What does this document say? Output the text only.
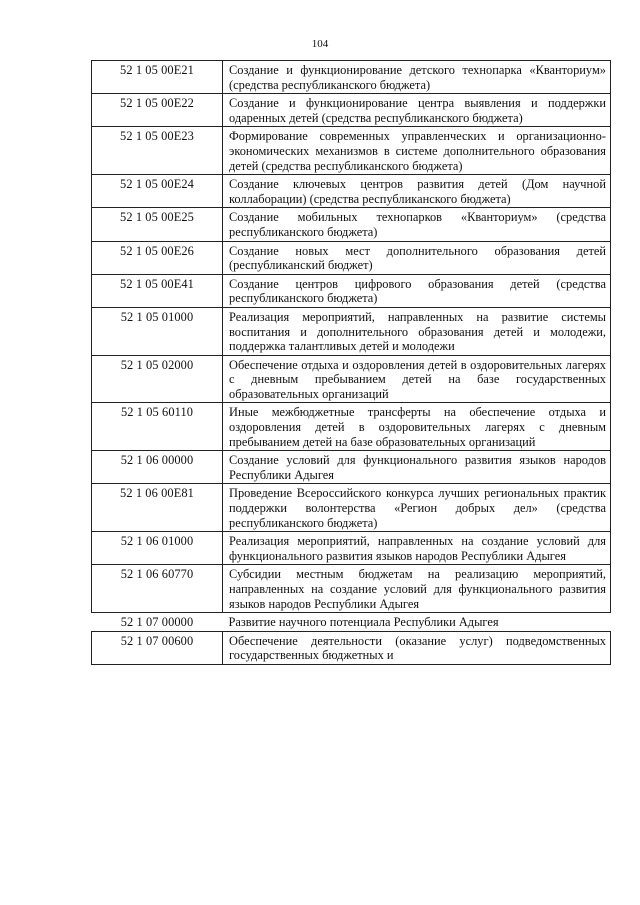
104
52 1 05 00E21	Создание и функционирование детского технопарка «Кванториум» (средства республиканского бюджета)
52 1 05 00E22	Создание и функционирование центра выявления и поддержки одаренных детей (средства республиканского бюджета)
52 1 05 00E23	Формирование современных управленческих и организационно-экономических механизмов в системе дополнительного образования детей (средства республиканского бюджета)
52 1 05 00E24	Создание ключевых центров развития детей (Дом научной коллаборации) (средства республиканского бюджета)
52 1 05 00E25	Создание мобильных технопарков «Кванториум» (средства республиканского бюджета)
52 1 05 00E26	Создание новых мест дополнительного образования детей (республиканский бюджет)
52 1 05 00E41	Создание центров цифрового образования детей (средства республиканского бюджета)
52 1 05 01000	Реализация мероприятий, направленных на развитие системы воспитания и дополнительного образования детей и молодежи, поддержка талантливых детей и молодежи
52 1 05 02000	Обеспечение отдыха и оздоровления детей в оздоровительных лагерях с дневным пребыванием детей на базе государственных образовательных организаций
52 1 05 60110	Иные межбюджетные трансферты на обеспечение отдыха и оздоровления детей в оздоровительных лагерях с дневным пребыванием детей на базе образовательных организаций
52 1 06 00000	Создание условий для функционального развития языков народов Республики Адыгея
52 1 06 00E81	Проведение Всероссийского конкурса лучших региональных практик поддержки волонтерства «Регион добрых дел» (средства республиканского бюджета)
52 1 06 01000	Реализация мероприятий, направленных на создание условий для функционального развития языков народов Республики Адыгея
52 1 06 60770	Субсидии местным бюджетам на реализацию мероприятий, направленных на создание условий для функционального развития языков народов Республики Адыгея
52 1 07 00000	Развитие научного потенциала Республики Адыгея
52 1 07 00600	Обеспечение деятельности (оказание услуг) подведомственных государственных бюджетных и
